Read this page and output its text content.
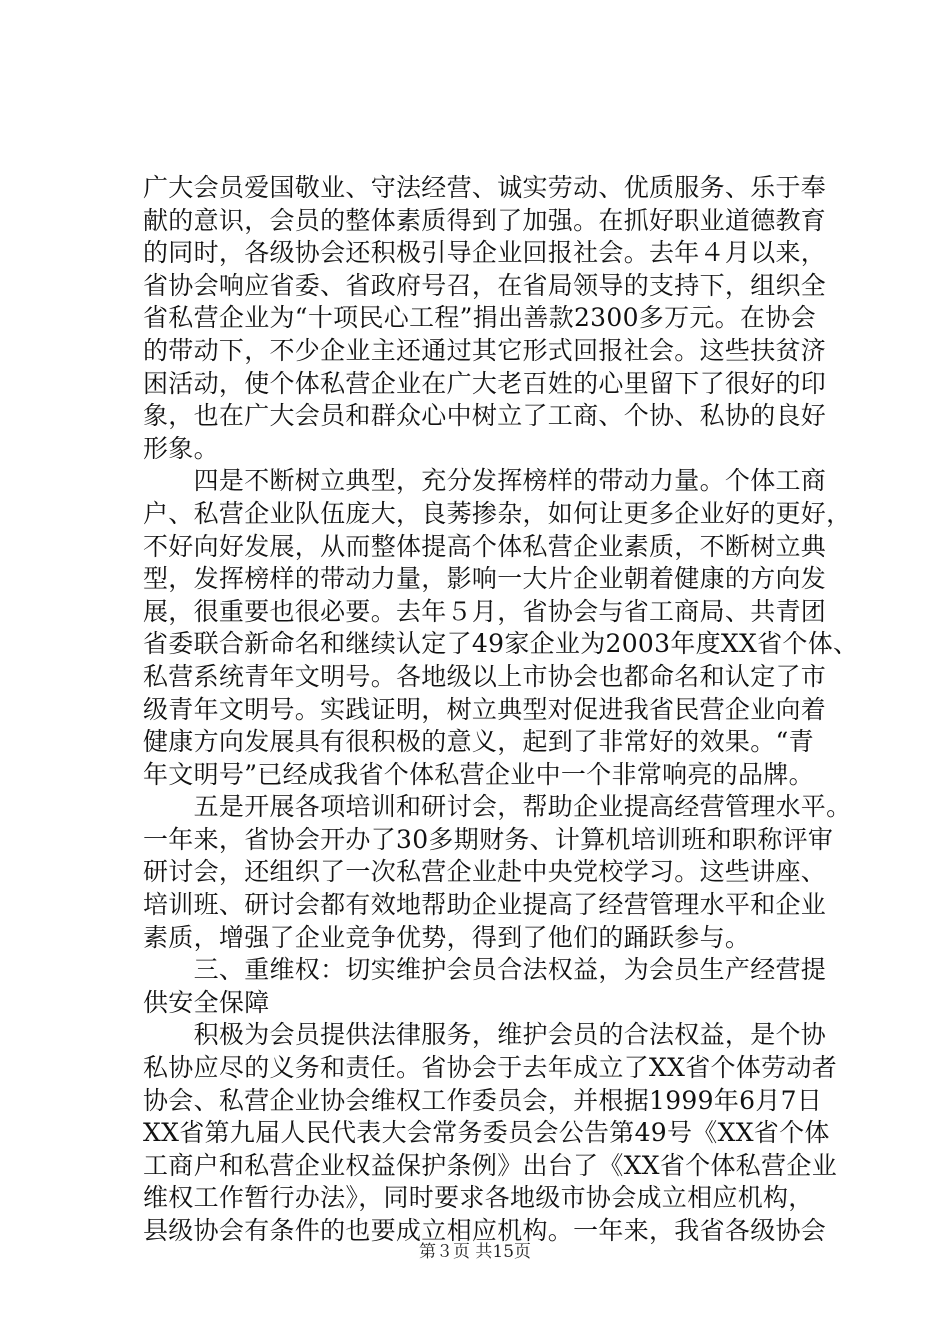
广大会员爱国敬业、守法经营、诚实劳动、优质服务、乐于奉
献的意识，会员的整体素质得到了加强。在抓好职业道德教育
的同时，各级协会还积极引导企业回报社会。去年４月以来，
省协会响应省委、省政府号召，在省局领导的支持下，组织全
省私营企业为“十项民心工程”捐出善款2300多万元。在协会
的带动下，不少企业主还通过其它形式回报社会。这些扶贫济
困活动，使个体私营企业在广大老百姓的心里留下了很好的印
象，也在广大会员和群众心中树立了工商、个协、私协的良好
形象。
　　四是不断树立典型，充分发挥榜样的带动力量。个体工商
户、私营企业队伍庞大，良莠掺杂，如何让更多企业好的更好，
不好向好发展，从而整体提高个体私营企业素质，不断树立典
型，发挥榜样的带动力量，影响一大片企业朝着健康的方向发
展，很重要也很必要。去年５月，省协会与省工商局、共青团
省委联合新命名和继续认定了49家企业为2003年度XX省个体、
私营系统青年文明号。各地级以上市协会也都命名和认定了市
级青年文明号。实践证明，树立典型对促进我省民营企业向着
健康方向发展具有很积极的意义，起到了非常好的效果。“青
年文明号”已经成我省个体私营企业中一个非常响亮的品牌。
　　五是开展各项培训和研讨会，帮助企业提高经营管理水平。
一年来，省协会开办了30多期财务、计算机培训班和职称评审
研讨会，还组织了一次私营企业赴中央党校学习。这些讲座、
培训班、研讨会都有效地帮助企业提高了经营管理水平和企业
素质，增强了企业竞争优势，得到了他们的踊跃参与。
　　三、重维权：切实维护会员合法权益，为会员生产经营提
供安全保障
　　积极为会员提供法律服务，维护会员的合法权益，是个协
私协应尽的义务和责任。省协会于去年成立了XX省个体劳动者
协会、私营企业协会维权工作委员会，并根据1999年6月7日
XX省第九届人民代表大会常务委员会公告第49号《XX省个体
工商户和私营企业权益保护条例》出台了《XX省个体私营企业
维权工作暂行办法》，同时要求各地级市协会成立相应机构，
县级协会有条件的也要成立相应机构。一年来，我省各级协会
第３页 共15页
